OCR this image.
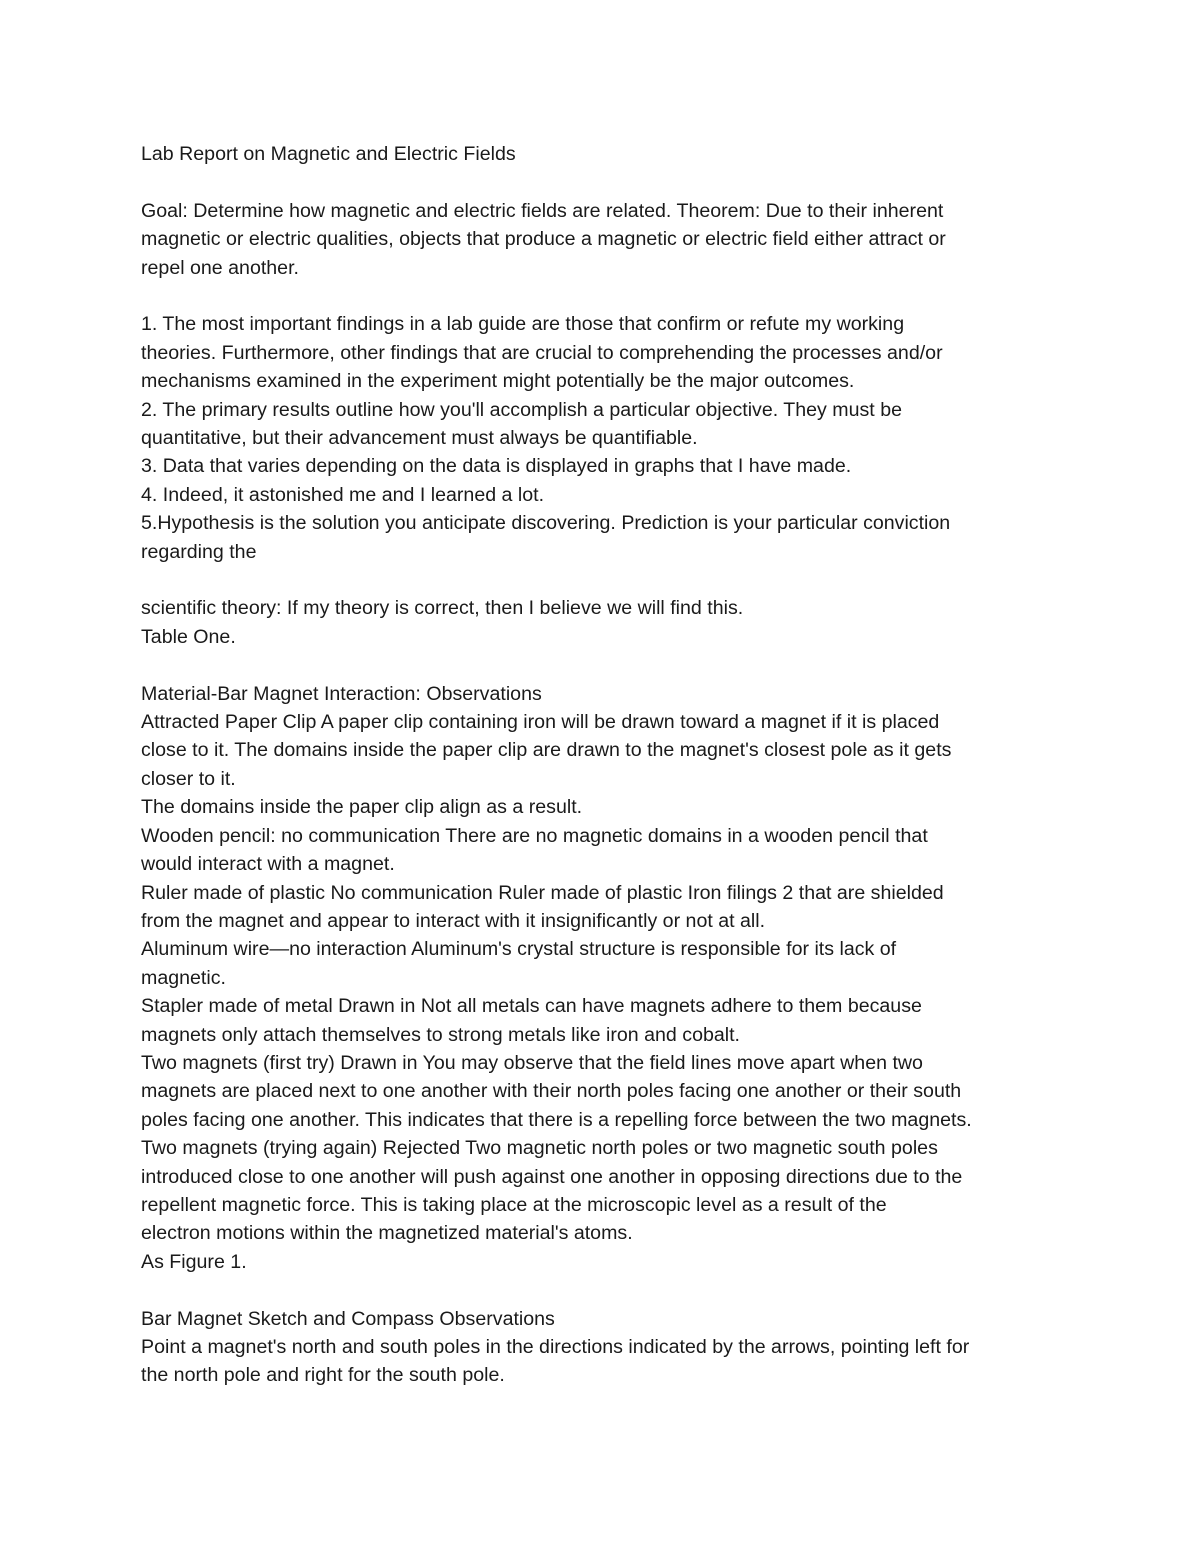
Lab Report on Magnetic and Electric Fields
Goal: Determine how magnetic and electric fields are related. Theorem: Due to their inherent
magnetic or electric qualities, objects that produce a magnetic or electric field either attract or
repel one another.
1. The most important findings in a lab guide are those that confirm or refute my working
theories. Furthermore, other findings that are crucial to comprehending the processes and/or
mechanisms examined in the experiment might potentially be the major outcomes.
2. The primary results outline how you'll accomplish a particular objective. They must be
quantitative, but their advancement must always be quantifiable.
3. Data that varies depending on the data is displayed in graphs that I have made.
4. Indeed, it astonished me and I learned a lot.
5.Hypothesis is the solution you anticipate discovering. Prediction is your particular conviction
regarding the
scientific theory: If my theory is correct, then I believe we will find this.
Table One.
Material-Bar Magnet Interaction: Observations
Attracted Paper Clip A paper clip containing iron will be drawn toward a magnet if it is placed
close to it. The domains inside the paper clip are drawn to the magnet's closest pole as it gets
closer to it.
The domains inside the paper clip align as a result.
Wooden pencil: no communication There are no magnetic domains in a wooden pencil that
would interact with a magnet.
Ruler made of plastic No communication Ruler made of plastic Iron filings 2 that are shielded
from the magnet and appear to interact with it insignificantly or not at all.
Aluminum wire—no interaction Aluminum's crystal structure is responsible for its lack of
magnetic.
Stapler made of metal Drawn in Not all metals can have magnets adhere to them because
magnets only attach themselves to strong metals like iron and cobalt.
Two magnets (first try) Drawn in You may observe that the field lines move apart when two
magnets are placed next to one another with their north poles facing one another or their south
poles facing one another. This indicates that there is a repelling force between the two magnets.
Two magnets (trying again) Rejected Two magnetic north poles or two magnetic south poles
introduced close to one another will push against one another in opposing directions due to the
repellent magnetic force. This is taking place at the microscopic level as a result of the
electron motions within the magnetized material's atoms.
As Figure 1.
Bar Magnet Sketch and Compass Observations
Point a magnet's north and south poles in the directions indicated by the arrows, pointing left for
the north pole and right for the south pole.
